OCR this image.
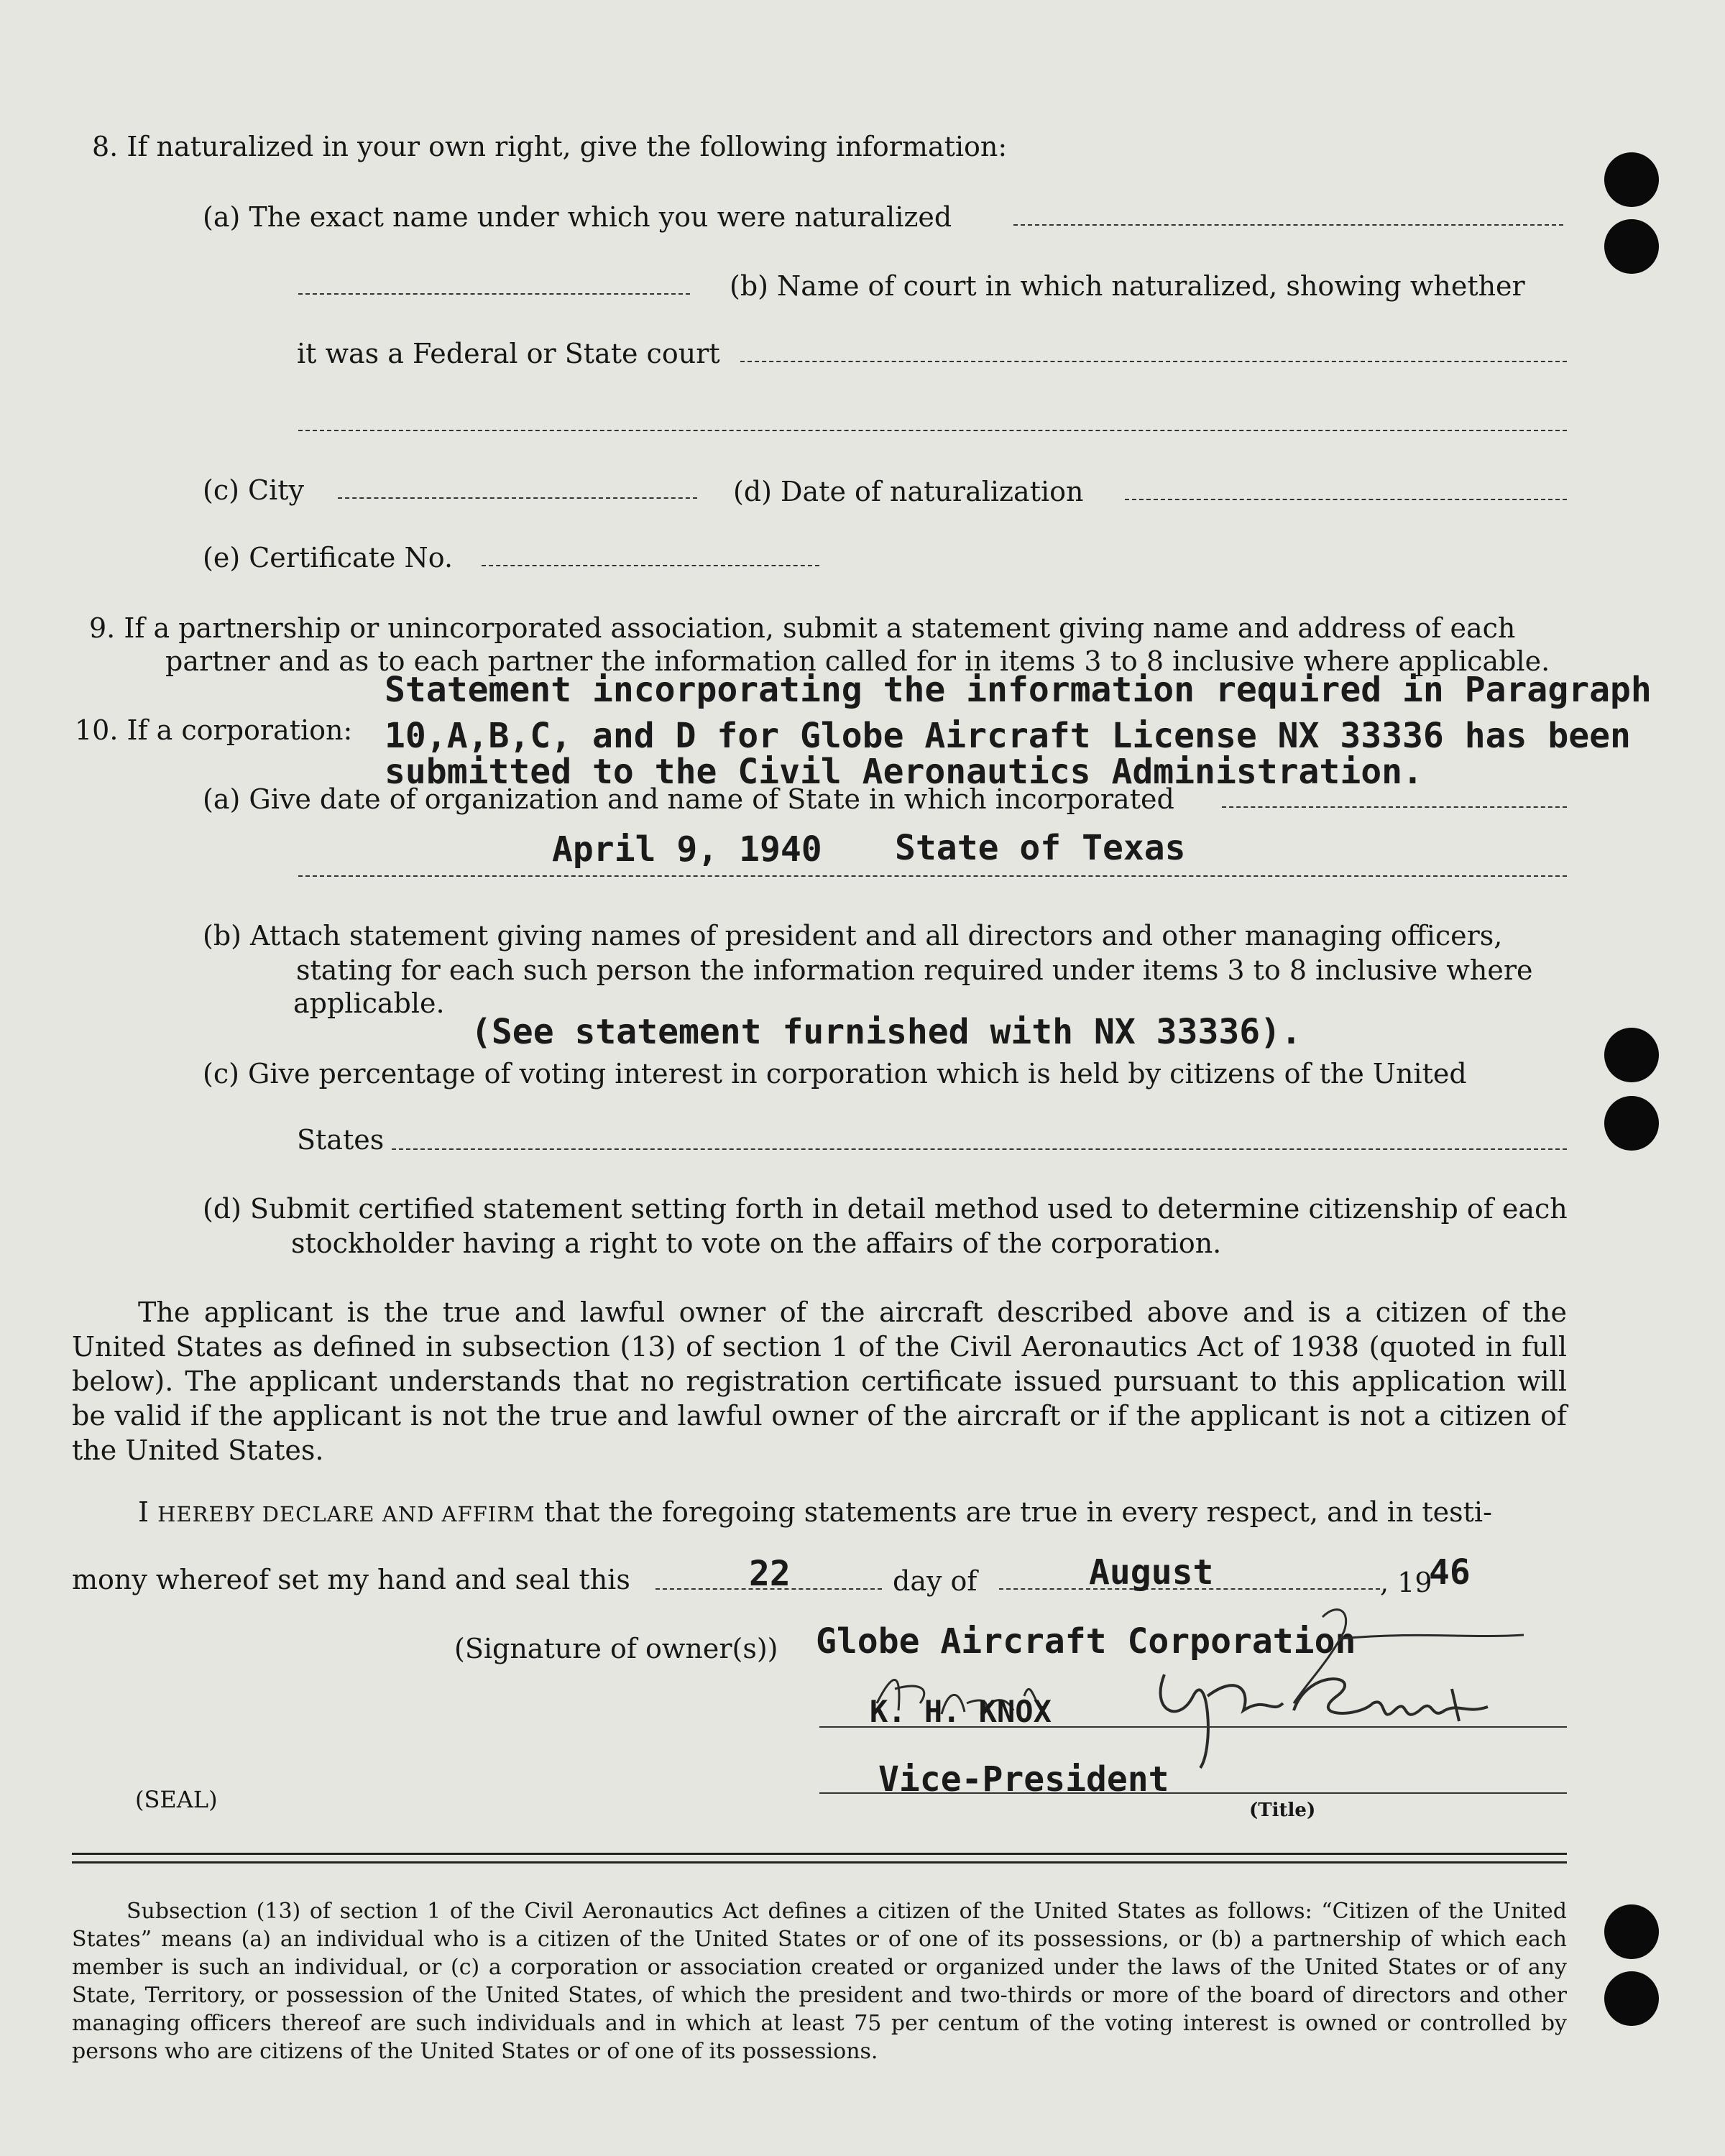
8. If naturalized in your own right, give the following information:
(a) The exact name under which you were naturalized
(b) Name of court in which naturalized, showing whether
it was a Federal or State court
(c) City	(d) Date of naturalization
(e) Certificate No.
9. If a partnership or unincorporated association, submit a statement giving name and address of each
partner and as to each partner the information called for in items 3 to 8 inclusive where applicable.
Statement incorporating the information required in Paragraph
10. If a corporation: 10,A,B,C, and D for Globe Aircraft License NX 33336 has been
submitted to the Civil Aeronautics Administration.
(a) Give date of organization and name of State in which incorporated
April 9, 1940 State of Texas
(b) Attach statement giving names of president and all directors and other managing officers,
stating for each such person the information required under items 3 to 8 inclusive where
applicable.
(See statement furnished with NX 33336).
(c) Give percentage of voting interest in corporation which is held by citizens of the United
States
(d) Submit certified statement setting forth in detail method used to determine citizenship of each
stockholder having a right to vote on the affairs of the corporation.
The applicant is the true and lawful owner of the aircraft described above and is a citizen of the United States as defined in subsection (13) of section 1 of the Civil Aeronautics Act of 1938 (quoted in full below). The applicant understands that no registration certificate issued pursuant to this application will be valid if the applicant is not the true and lawful owner of the aircraft or if the applicant is not a citizen of the United States.
I HEREBY DECLARE AND AFFIRM that the foregoing statements are true in every respect, and in testi-
mony whereof set my hand and seal this	22	day of	August	, 19
46
(Signature of owner(s)) Globe Aircraft Corporation
K. H. KNOX
(SEAL)	Vice-President
(Title)
Subsection (13) of section 1 of the Civil Aeronautics Act defines a citizen of the United States as follows: “Citizen of the United States” means (a) an individual who is a citizen of the United States or of one of its possessions, or (b) a partnership of which each member is such an individual, or (c) a corporation or association created or organized under the laws of the United States or of any State, Territory, or possession of the United States, of which the president and two-thirds or more of the board of directors and other managing officers thereof are such individuals and in which at least 75 per centum of the voting interest is owned or controlled by persons who are citizens of the United States or of one of its possessions.
